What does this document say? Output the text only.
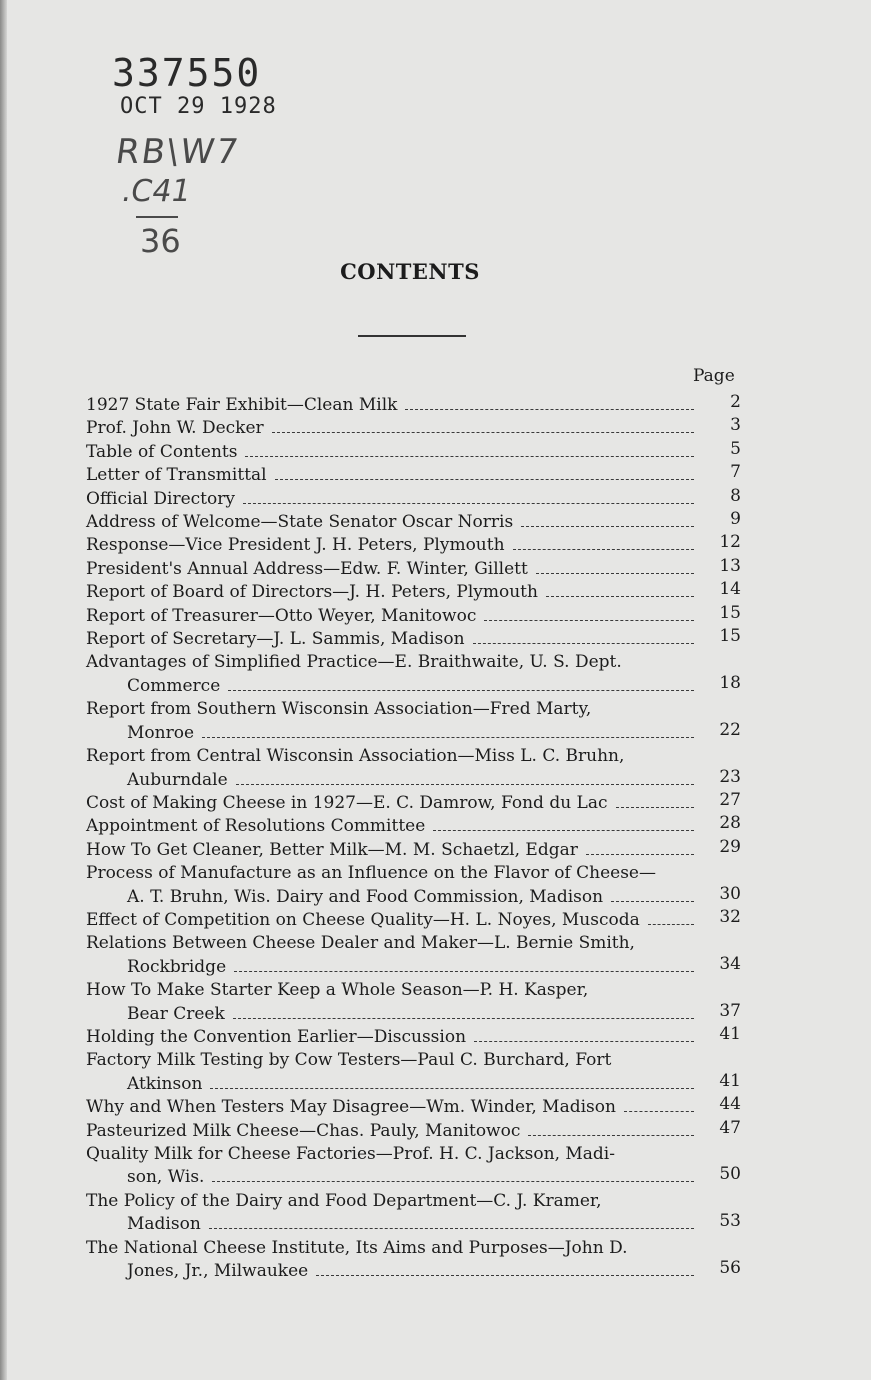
337550
OCT 29 1928
RB\W7
.C41
36
CONTENTS
Page
1927 State Fair Exhibit—Clean Milk	2
Prof. John W. Decker	3
Table of Contents	5
Letter of Transmittal	7
Official Directory	8
Address of Welcome—State Senator Oscar Norris	9
Response—Vice President J. H. Peters, Plymouth	12
President's Annual Address—Edw. F. Winter, Gillett	13
Report of Board of Directors—J. H. Peters, Plymouth	14
Report of Treasurer—Otto Weyer, Manitowoc	15
Report of Secretary—J. L. Sammis, Madison	15
Advantages of Simplified Practice—E. Braithwaite, U. S. Dept.
Commerce	18
Report from Southern Wisconsin Association—Fred Marty,
Monroe	22
Report from Central Wisconsin Association—Miss L. C. Bruhn,
Auburndale	23
Cost of Making Cheese in 1927—E. C. Damrow, Fond du Lac	27
Appointment of Resolutions Committee	28
How To Get Cleaner, Better Milk—M. M. Schaetzl, Edgar	29
Process of Manufacture as an Influence on the Flavor of Cheese—
A. T. Bruhn, Wis. Dairy and Food Commission, Madison	30
Effect of Competition on Cheese Quality—H. L. Noyes, Muscoda	32
Relations Between Cheese Dealer and Maker—L. Bernie Smith,
Rockbridge	34
How To Make Starter Keep a Whole Season—P. H. Kasper,
Bear Creek	37
Holding the Convention Earlier—Discussion	41
Factory Milk Testing by Cow Testers—Paul C. Burchard, Fort
Atkinson	41
Why and When Testers May Disagree—Wm. Winder, Madison	44
Pasteurized Milk Cheese—Chas. Pauly, Manitowoc	47
Quality Milk for Cheese Factories—Prof. H. C. Jackson, Madi-
son, Wis.	50
The Policy of the Dairy and Food Department—C. J. Kramer,
Madison	53
The National Cheese Institute, Its Aims and Purposes—John D.
Jones, Jr., Milwaukee	56
